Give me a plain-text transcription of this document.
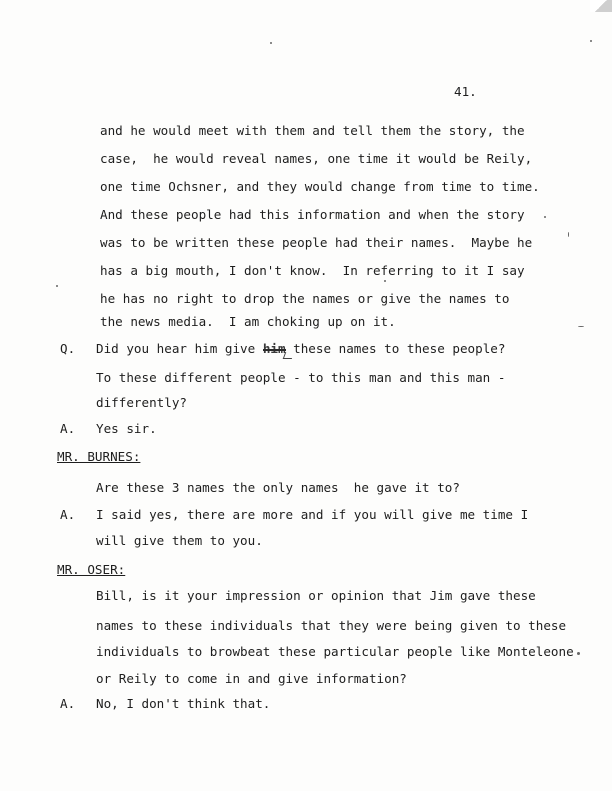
41.

and he would meet with them and tell them the story, the

case,  he would reveal names, one time it would be Reily,

one time Ochsner, and they would change from time to time.

And these people had this information and when the story

was to be written these people had their names.  Maybe he

has a big mouth, I don't know.  In referring to it I say

he has no right to drop the names or give the names to

the news media.  I am choking up on it.

Q. Did you hear him give him these names to these people?

To these different people - to this man and this man -

differently?

A. Yes sir.

MR. BURNES:

Are these 3 names the only names  he gave it to?

A. I said yes, there are more and if you will give me time I

will give them to you.

MR. OSER:

Bill, is it your impression or opinion that Jim gave these

names to these individuals that they were being given to these

individuals to browbeat these particular people like Monteleone

or Reily to come in and give information?

A. No, I don't think that.
